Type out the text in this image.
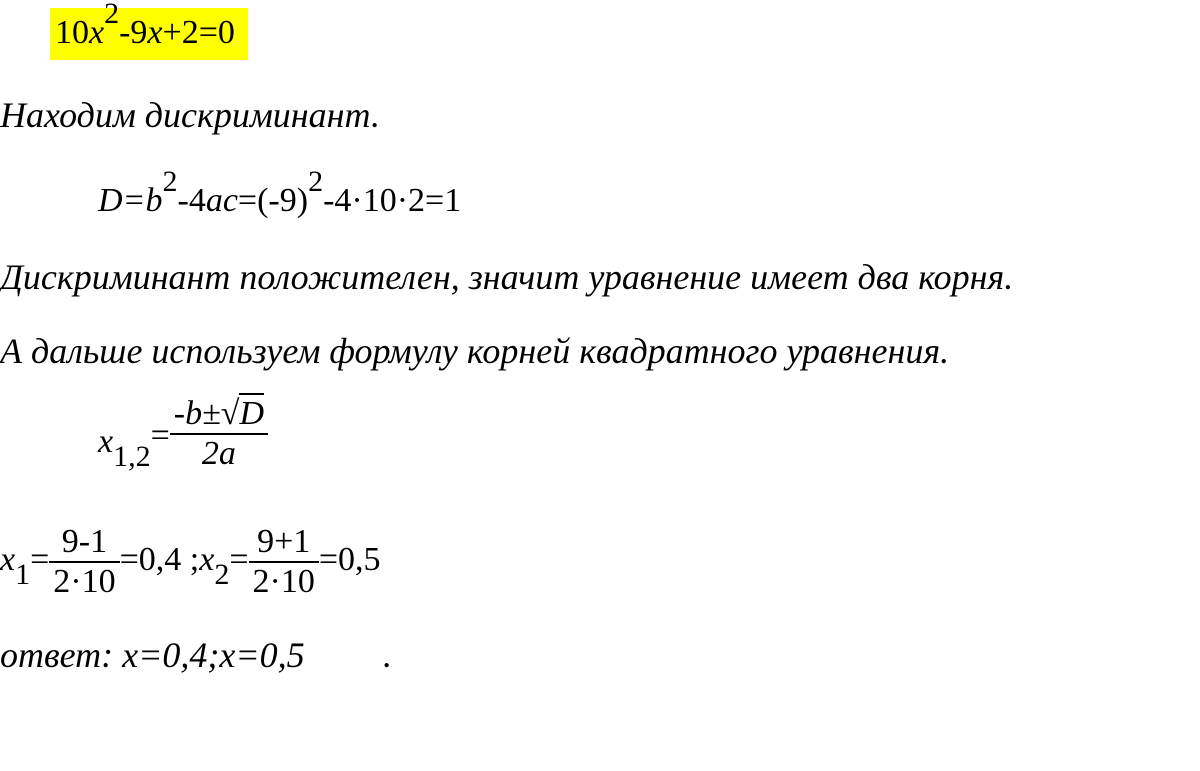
10x2-9x+2=0
Находим дискриминант.
D=b2-4ac=(-9)2-4·10·2=1
Дискриминант положителен, значит уравнение имеет два корня.
А дальше используем формулу корней квадратного уравнения.
$x1,2= \frac{-b\pm√D}{2a}$
$x1= \frac{9-1}{2\cdot 10} =0,4$ ;x2= $\frac{9+1}{2\cdot 10} =0,5$
ответ: х=0,4;х=0,5 .
